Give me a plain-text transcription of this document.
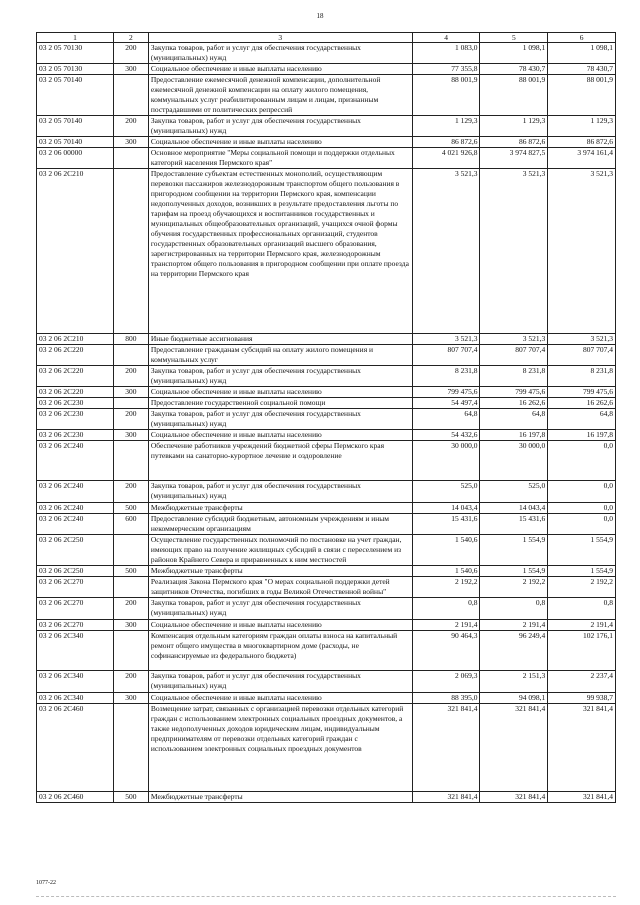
18
1	2	3	4	5	6
03 2 05 70130	200	Закупка товаров, работ и услуг для обеспечения государственных (муниципальных) нужд	1 083,0	1 098,1	1 098,1
03 2 05 70130	300	Социальное обеспечение и иные выплаты населению	77 355,8	78 430,7	78 430,7
03 2 05 70140		Предоставление ежемесячной денежной компенсации, дополнительной ежемесячной денежной компенсации на оплату жилого помещения, коммунальных услуг реабилитированным лицам и лицам, признанным пострадавшими от политических репрессий	88 001,9	88 001,9	88 001,9
03 2 05 70140	200	Закупка товаров, работ и услуг для обеспечения государственных (муниципальных) нужд	1 129,3	1 129,3	1 129,3
03 2 05 70140	300	Социальное обеспечение и иные выплаты населению	86 872,6	86 872,6	86 872,6
03 2 06 00000		Основное мероприятие "Меры социальной помощи и поддержки отдельных категорий населения Пермского края"	4 021 926,8	3 974 827,5	3 974 161,4
03 2 06 2C210		Предоставление субъектам естественных монополий, осуществляющим перевозки пассажиров железнодорожным транспортом общего пользования в пригородном сообщении на территории Пермского края, компенсации недополученных доходов, возникших в результате предоставления льготы по тарифам на проезд обучающихся и воспитанников государственных и муниципальных общеобразовательных организаций, учащихся очной формы обучения государственных профессиональных организаций, студентов государственных образовательных организаций высшего образования, зарегистрированных на территории Пермского края, железнодорожным транспортом общего пользования в пригородном сообщении при оплате проезда на территории Пермского края	3 521,3	3 521,3	3 521,3
03 2 06 2C210	800	Иные бюджетные ассигнования	3 521,3	3 521,3	3 521,3
03 2 06 2C220		Предоставление гражданам субсидий на оплату жилого помещения и коммунальных услуг	807 707,4	807 707,4	807 707,4
03 2 06 2C220	200	Закупка товаров, работ и услуг для обеспечения государственных (муниципальных) нужд	8 231,8	8 231,8	8 231,8
03 2 06 2C220	300	Социальное обеспечение и иные выплаты населению	799 475,6	799 475,6	799 475,6
03 2 06 2C230		Предоставление государственной социальной помощи	54 497,4	16 262,6	16 262,6
03 2 06 2C230	200	Закупка товаров, работ и услуг для обеспечения государственных (муниципальных) нужд	64,8	64,8	64,8
03 2 06 2C230	300	Социальное обеспечение и иные выплаты населению	54 432,6	16 197,8	16 197,8
03 2 06 2C240		Обеспечение работников учреждений бюджетной сферы Пермского края путевками на санаторно-курортное лечение и оздоровление	30 000,0	30 000,0	0,0
03 2 06 2C240	200	Закупка товаров, работ и услуг для обеспечения государственных (муниципальных) нужд	525,0	525,0	0,0
03 2 06 2C240	500	Межбюджетные трансферты	14 043,4	14 043,4	0,0
03 2 06 2C240	600	Предоставление субсидий бюджетным, автономным учреждениям и иным некоммерческим организациям	15 431,6	15 431,6	0,0
03 2 06 2C250		Осуществление государственных полномочий по постановке на учет граждан, имеющих право на получение жилищных субсидий в связи с переселением из районов Крайнего Севера и приравненных к ним местностей	1 540,6	1 554,9	1 554,9
03 2 06 2C250	500	Межбюджетные трансферты	1 540,6	1 554,9	1 554,9
03 2 06 2C270		Реализация Закона Пермского края "О мерах социальной поддержки детей защитников Отечества, погибших в годы Великой Отечественной войны"	2 192,2	2 192,2	2 192,2
03 2 06 2C270	200	Закупка товаров, работ и услуг для обеспечения государственных (муниципальных) нужд	0,8	0,8	0,8
03 2 06 2C270	300	Социальное обеспечение и иные выплаты населению	2 191,4	2 191,4	2 191,4
03 2 06 2C340		Компенсация отдельным категориям граждан оплаты взноса на капитальный ремонт общего имущества в многоквартирном доме (расходы, не софинансируемые из федерального бюджета)	90 464,3	96 249,4	102 176,1
03 2 06 2C340	200	Закупка товаров, работ и услуг для обеспечения государственных (муниципальных) нужд	2 069,3	2 151,3	2 237,4
03 2 06 2C340	300	Социальное обеспечение и иные выплаты населению	88 395,0	94 098,1	99 938,7
03 2 06 2C460		Возмещение затрат, связанных с организацией перевозки отдельных категорий граждан с использованием электронных социальных проездных документов, а также недополученных доходов юридическим лицам, индивидуальным предпринимателям от перевозки отдельных категорий граждан с использованием электронных социальных проездных документов	321 841,4	321 841,4	321 841,4
03 2 06 2C460	500	Межбюджетные трансферты	321 841,4	321 841,4	321 841,4
1077-22
